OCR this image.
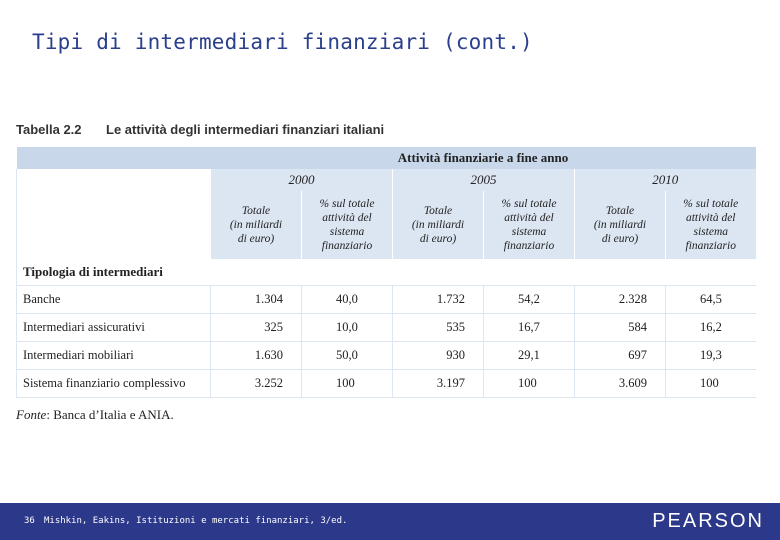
Tipi di intermediari finanziari (cont.)
Tabella 2.2 Le attività degli intermediari finanziari italiani
	Attività finanziarie a fine anno					
	2000		2005		2010	
	Totale
(in miliardi
di euro)	% sul totale
attività del
sistema
finanziario	Totale
(in miliardi
di euro)	% sul totale
attività del
sistema
finanziario	Totale
(in miliardi
di euro)	% sul totale
attività del
sistema
finanziario
Tipologia di intermediari						
Banche	1.304	40,0	1.732	54,2	2.328	64,5
Intermediari assicurativi	325	10,0	535	16,7	584	16,2
Intermediari mobiliari	1.630	50,0	930	29,1	697	19,3
Sistema finanziario complessivo	3.252	100	3.197	100	3.609	100
Fonte: Banca d’Italia e ANIA.
36 Mishkin, Eakins, Istituzioni e mercati finanziari, 3/ed.	PEARSON
